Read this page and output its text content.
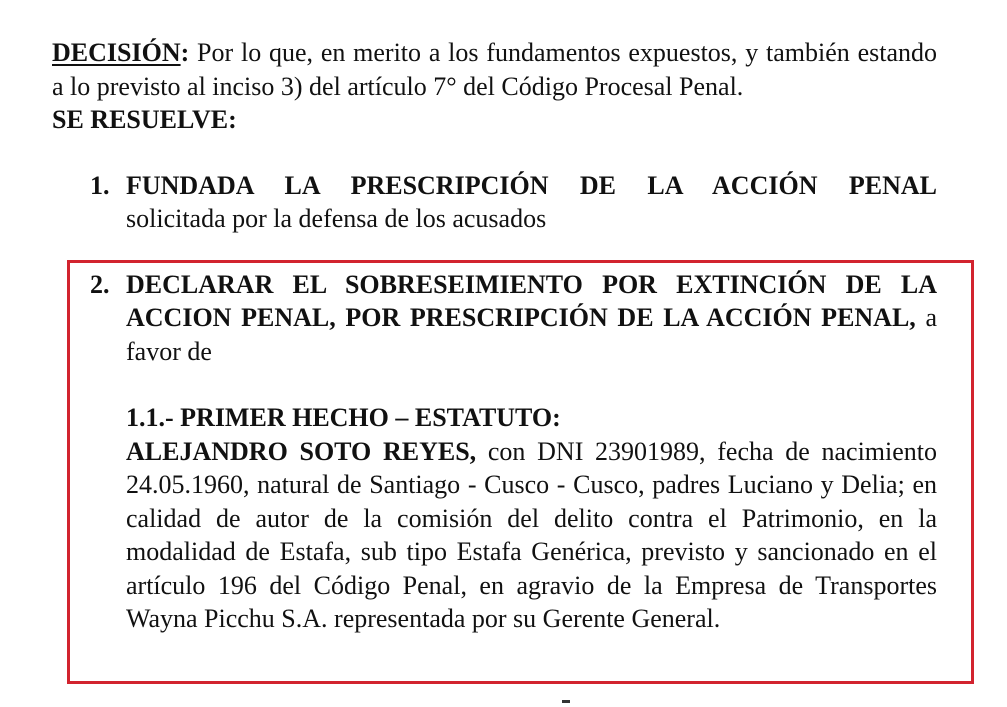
DECISIÓN: Por lo que, en merito a los fundamentos expuestos, y también estando a lo previsto al inciso 3) del artículo 7° del Código Procesal Penal.
SE RESUELVE:
1. FUNDADA LA PRESCRIPCIÓN DE LA ACCIÓN PENAL
solicitada por la defensa de los acusados
2. DECLARAR EL SOBRESEIMIENTO POR EXTINCIÓN DE LA ACCION PENAL, POR PRESCRIPCIÓN DE LA ACCIÓN PENAL, a favor de
1.1.- PRIMER HECHO – ESTATUTO:
ALEJANDRO SOTO REYES, con DNI 23901989, fecha de nacimiento 24.05.1960, natural de Santiago - Cusco - Cusco, padres Luciano y Delia; en calidad de autor de la comisión del delito contra el Patrimonio, en la modalidad de Estafa, sub tipo Estafa Genérica, previsto y sancionado en el artículo 196 del Código Penal, en agravio de la Empresa de Transportes Wayna Picchu S.A. representada por su Gerente General.
